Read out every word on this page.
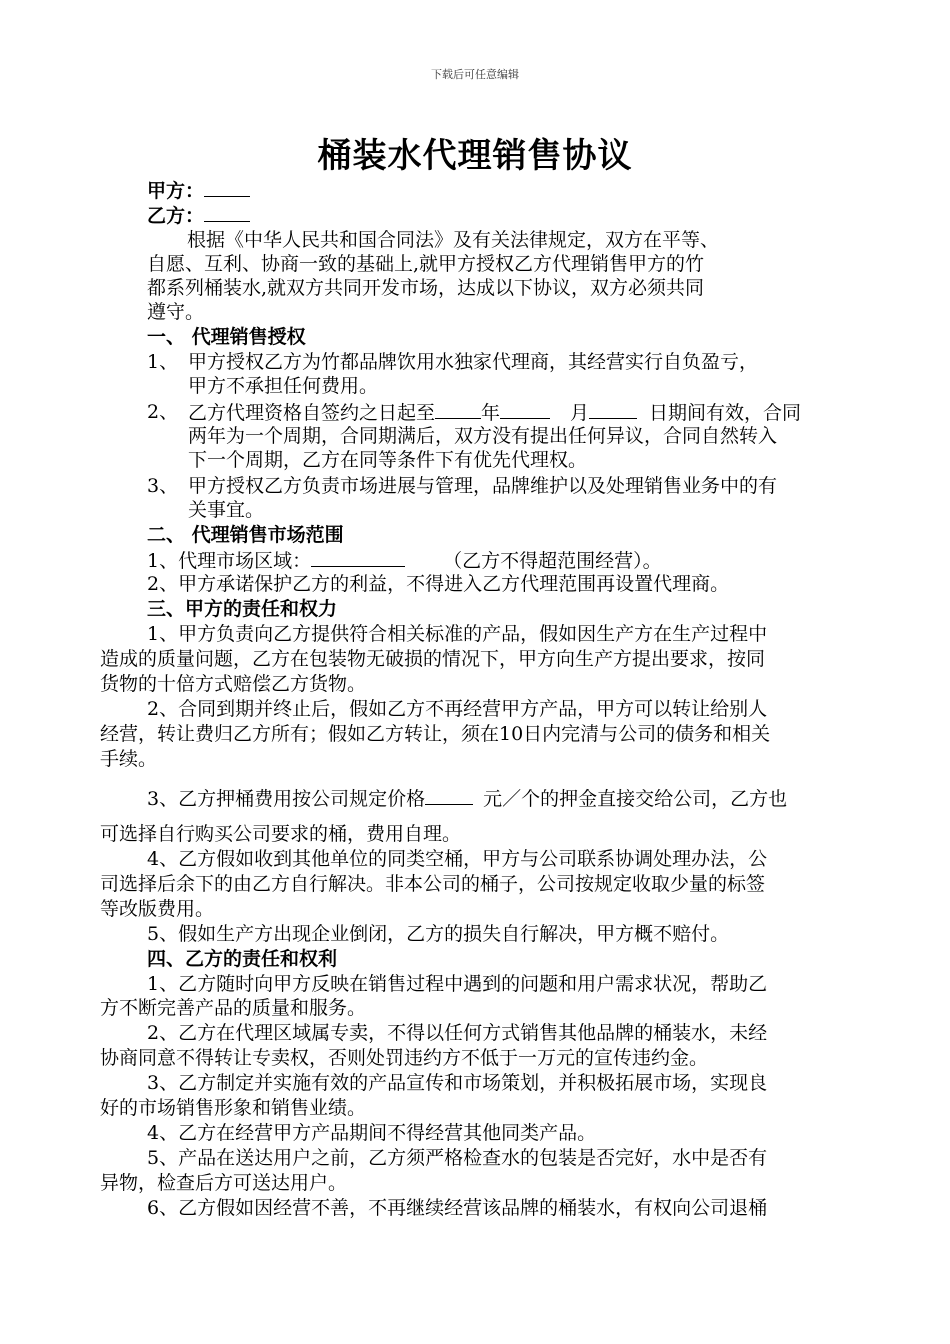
下载后可任意编辑
桶装水代理销售协议
甲方：
乙方：
根据《中华人民共和国合同法》及有关法律规定，双方在平等、
自愿、互利、协商一致的基础上,就甲方授权乙方代理销售甲方的竹
都系列桶装水,就双方共同开发市场，达成以下协议，双方必须共同
遵守。
一、 代理销售授权
1、 甲方授权乙方为竹都品牌饮用水独家代理商，其经营实行自负盈亏，
甲方不承担任何费用。
2、 乙方代理资格自签约之日起至 年	月	日期间有效，合同
两年为一个周期，合同期满后，双方没有提出任何异议，合同自然转入
下一个周期，乙方在同等条件下有优先代理权。
3、 甲方授权乙方负责市场进展与管理，品牌维护以及处理销售业务中的有
关事宜。
二、 代理销售市场范围
1、代理市场区域：	（乙方不得超范围经营）。
2、甲方承诺保护乙方的利益，不得进入乙方代理范围再设置代理商。
三、甲方的责任和权力
1、甲方负责向乙方提供符合相关标准的产品，假如因生产方在生产过程中
造成的质量问题，乙方在包装物无破损的情况下，甲方向生产方提出要求，按同
货物的十倍方式赔偿乙方货物。
2、合同到期并终止后，假如乙方不再经营甲方产品，甲方可以转让给别人
经营，转让费归乙方所有；假如乙方转让，须在10日内完清与公司的债务和相关
手续。
3、乙方押桶费用按公司规定价格	元／个的押金直接交给公司，乙方也
可选择自行购买公司要求的桶，费用自理。
4、乙方假如收到其他单位的同类空桶，甲方与公司联系协调处理办法，公
司选择后余下的由乙方自行解决。非本公司的桶子，公司按规定收取少量的标签
等改版费用。
5、假如生产方出现企业倒闭，乙方的损失自行解决，甲方概不赔付。
四、乙方的责任和权利
1、乙方随时向甲方反映在销售过程中遇到的问题和用户需求状况，帮助乙
方不断完善产品的质量和服务。
2、乙方在代理区域属专卖，不得以任何方式销售其他品牌的桶装水，未经
协商同意不得转让专卖权，否则处罚违约方不低于一万元的宣传违约金。
3、乙方制定并实施有效的产品宣传和市场策划，并积极拓展市场，实现良
好的市场销售形象和销售业绩。
4、乙方在经营甲方产品期间不得经营其他同类产品。
5、产品在送达用户之前，乙方须严格检查水的包装是否完好，水中是否有
异物，检查后方可送达用户。
6、乙方假如因经营不善，不再继续经营该品牌的桶装水，有权向公司退桶
